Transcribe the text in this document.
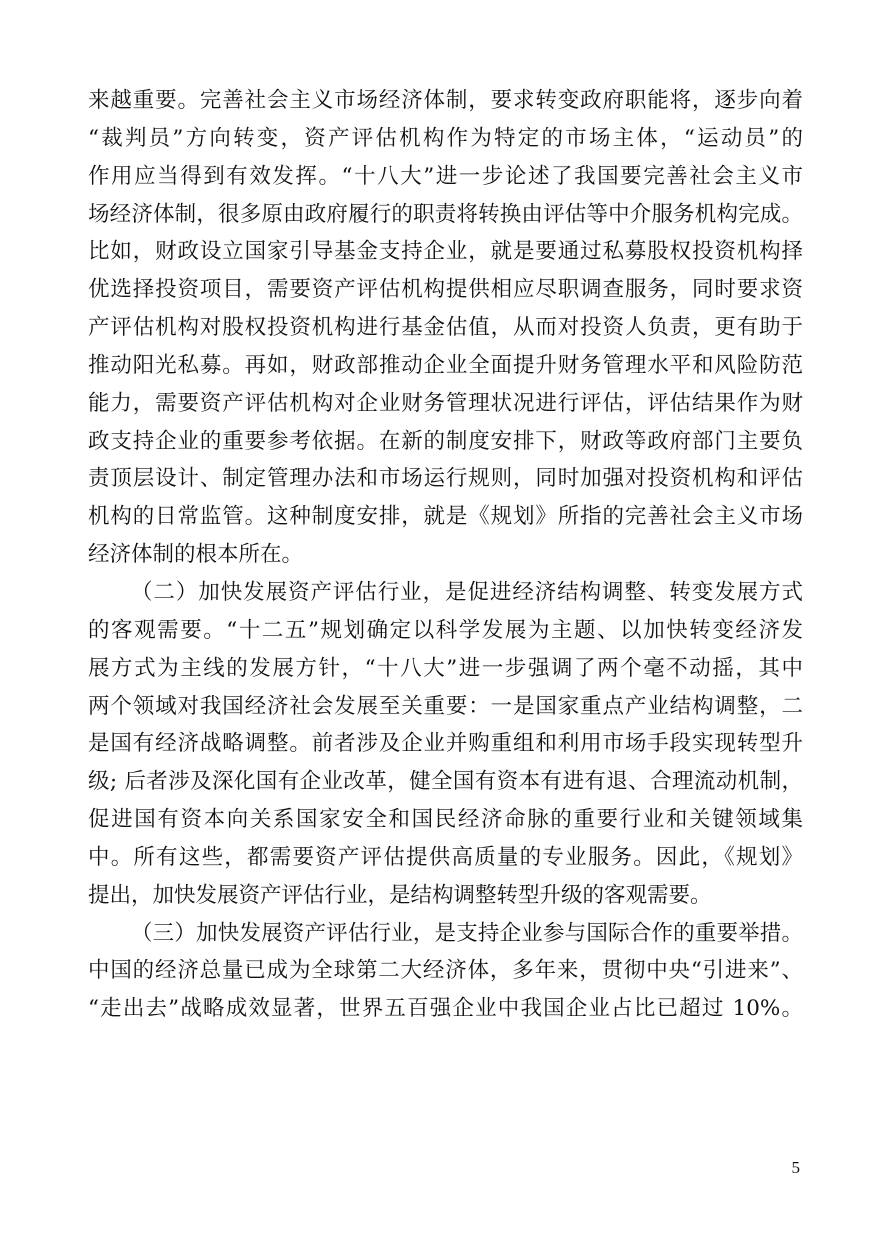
来越重要。完善社会主义市场经济体制，要求转变政府职能将，逐步向着
“裁判员”方向转变，资产评估机构作为特定的市场主体，“运动员”的
作用应当得到有效发挥。“十八大”进一步论述了我国要完善社会主义市
场经济体制，很多原由政府履行的职责将转换由评估等中介服务机构完成。
比如，财政设立国家引导基金支持企业，就是要通过私募股权投资机构择
优选择投资项目，需要资产评估机构提供相应尽职调查服务，同时要求资
产评估机构对股权投资机构进行基金估值，从而对投资人负责，更有助于
推动阳光私募。再如，财政部推动企业全面提升财务管理水平和风险防范
能力，需要资产评估机构对企业财务管理状况进行评估，评估结果作为财
政支持企业的重要参考依据。在新的制度安排下，财政等政府部门主要负
责顶层设计、制定管理办法和市场运行规则，同时加强对投资机构和评估
机构的日常监管。这种制度安排，就是《规划》所指的完善社会主义市场
经济体制的根本所在。
（二）加快发展资产评估行业，是促进经济结构调整、转变发展方式
的客观需要。“十二五”规划确定以科学发展为主题、以加快转变经济发
展方式为主线的发展方针，“十八大”进一步强调了两个毫不动摇，其中
两个领域对我国经济社会发展至关重要：一是国家重点产业结构调整，二
是国有经济战略调整。前者涉及企业并购重组和利用市场手段实现转型升
级; 后者涉及深化国有企业改革，健全国有资本有进有退、合理流动机制，
促进国有资本向关系国家安全和国民经济命脉的重要行业和关键领域集
中。所有这些，都需要资产评估提供高质量的专业服务。因此，《规划》
提出，加快发展资产评估行业，是结构调整转型升级的客观需要。
（三）加快发展资产评估行业，是支持企业参与国际合作的重要举措。
中国的经济总量已成为全球第二大经济体，多年来，贯彻中央“引进来”、
“走出去”战略成效显著，世界五百强企业中我国企业占比已超过 10%。
5
